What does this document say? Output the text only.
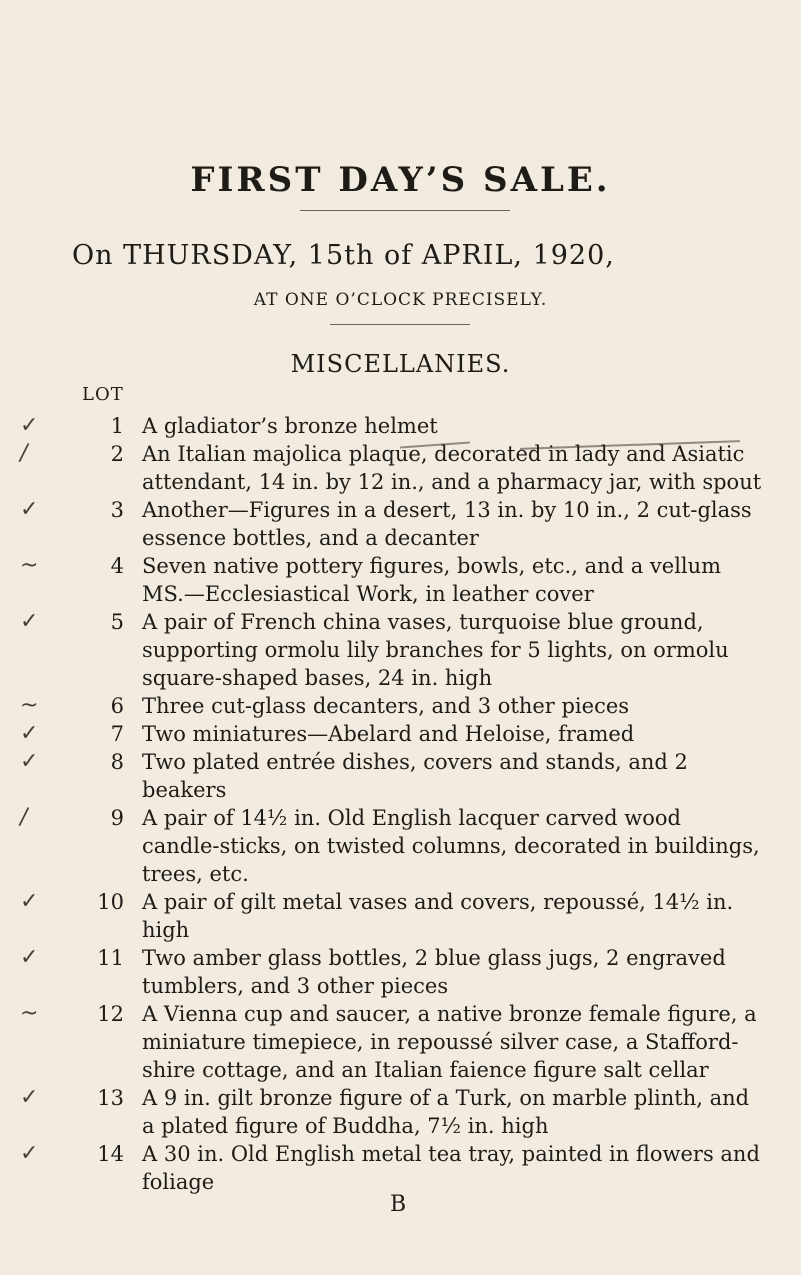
FIRST DAY’S SALE.
On THURSDAY, 15th of APRIL, 1920,
AT ONE O’CLOCK PRECISELY.
MISCELLANIES.
LOT
✓	1 A gladiator’s bronze helmet
/	2 An Italian majolica plaque, decorated in lady and Asiatic attendant, 14 in. by 12 in., and a pharmacy jar, with spout
✓	3 Another—Figures in a desert, 13 in. by 10 in., 2 cut-glass essence bottles, and a decanter
~	4 Seven native pottery figures, bowls, etc., and a vellum MS.—Ecclesiastical Work, in leather cover
✓	5 A pair of French china vases, turquoise blue ground, supporting ormolu lily branches for 5 lights, on ormolu square-shaped bases, 24 in. high
~	6 Three cut-glass decanters, and 3 other pieces
✓	7 Two miniatures—Abelard and Heloise, framed
✓	8 Two plated entrée dishes, covers and stands, and 2 beakers
/	9 A pair of 14½ in. Old English lacquer carved wood candle-sticks, on twisted columns, decorated in buildings, trees, etc.
✓	10 A pair of gilt metal vases and covers, repoussé, 14½ in. high
✓	11 Two amber glass bottles, 2 blue glass jugs, 2 engraved tumblers, and 3 other pieces
~	12 A Vienna cup and saucer, a native bronze female figure, a miniature timepiece, in repoussé silver case, a Stafford-shire cottage, and an Italian faience figure salt cellar
✓	13 A 9 in. gilt bronze figure of a Turk, on marble plinth, and a plated figure of Buddha, 7½ in. high
✓	14 A 30 in. Old English metal tea tray, painted in flowers and foliage
B
